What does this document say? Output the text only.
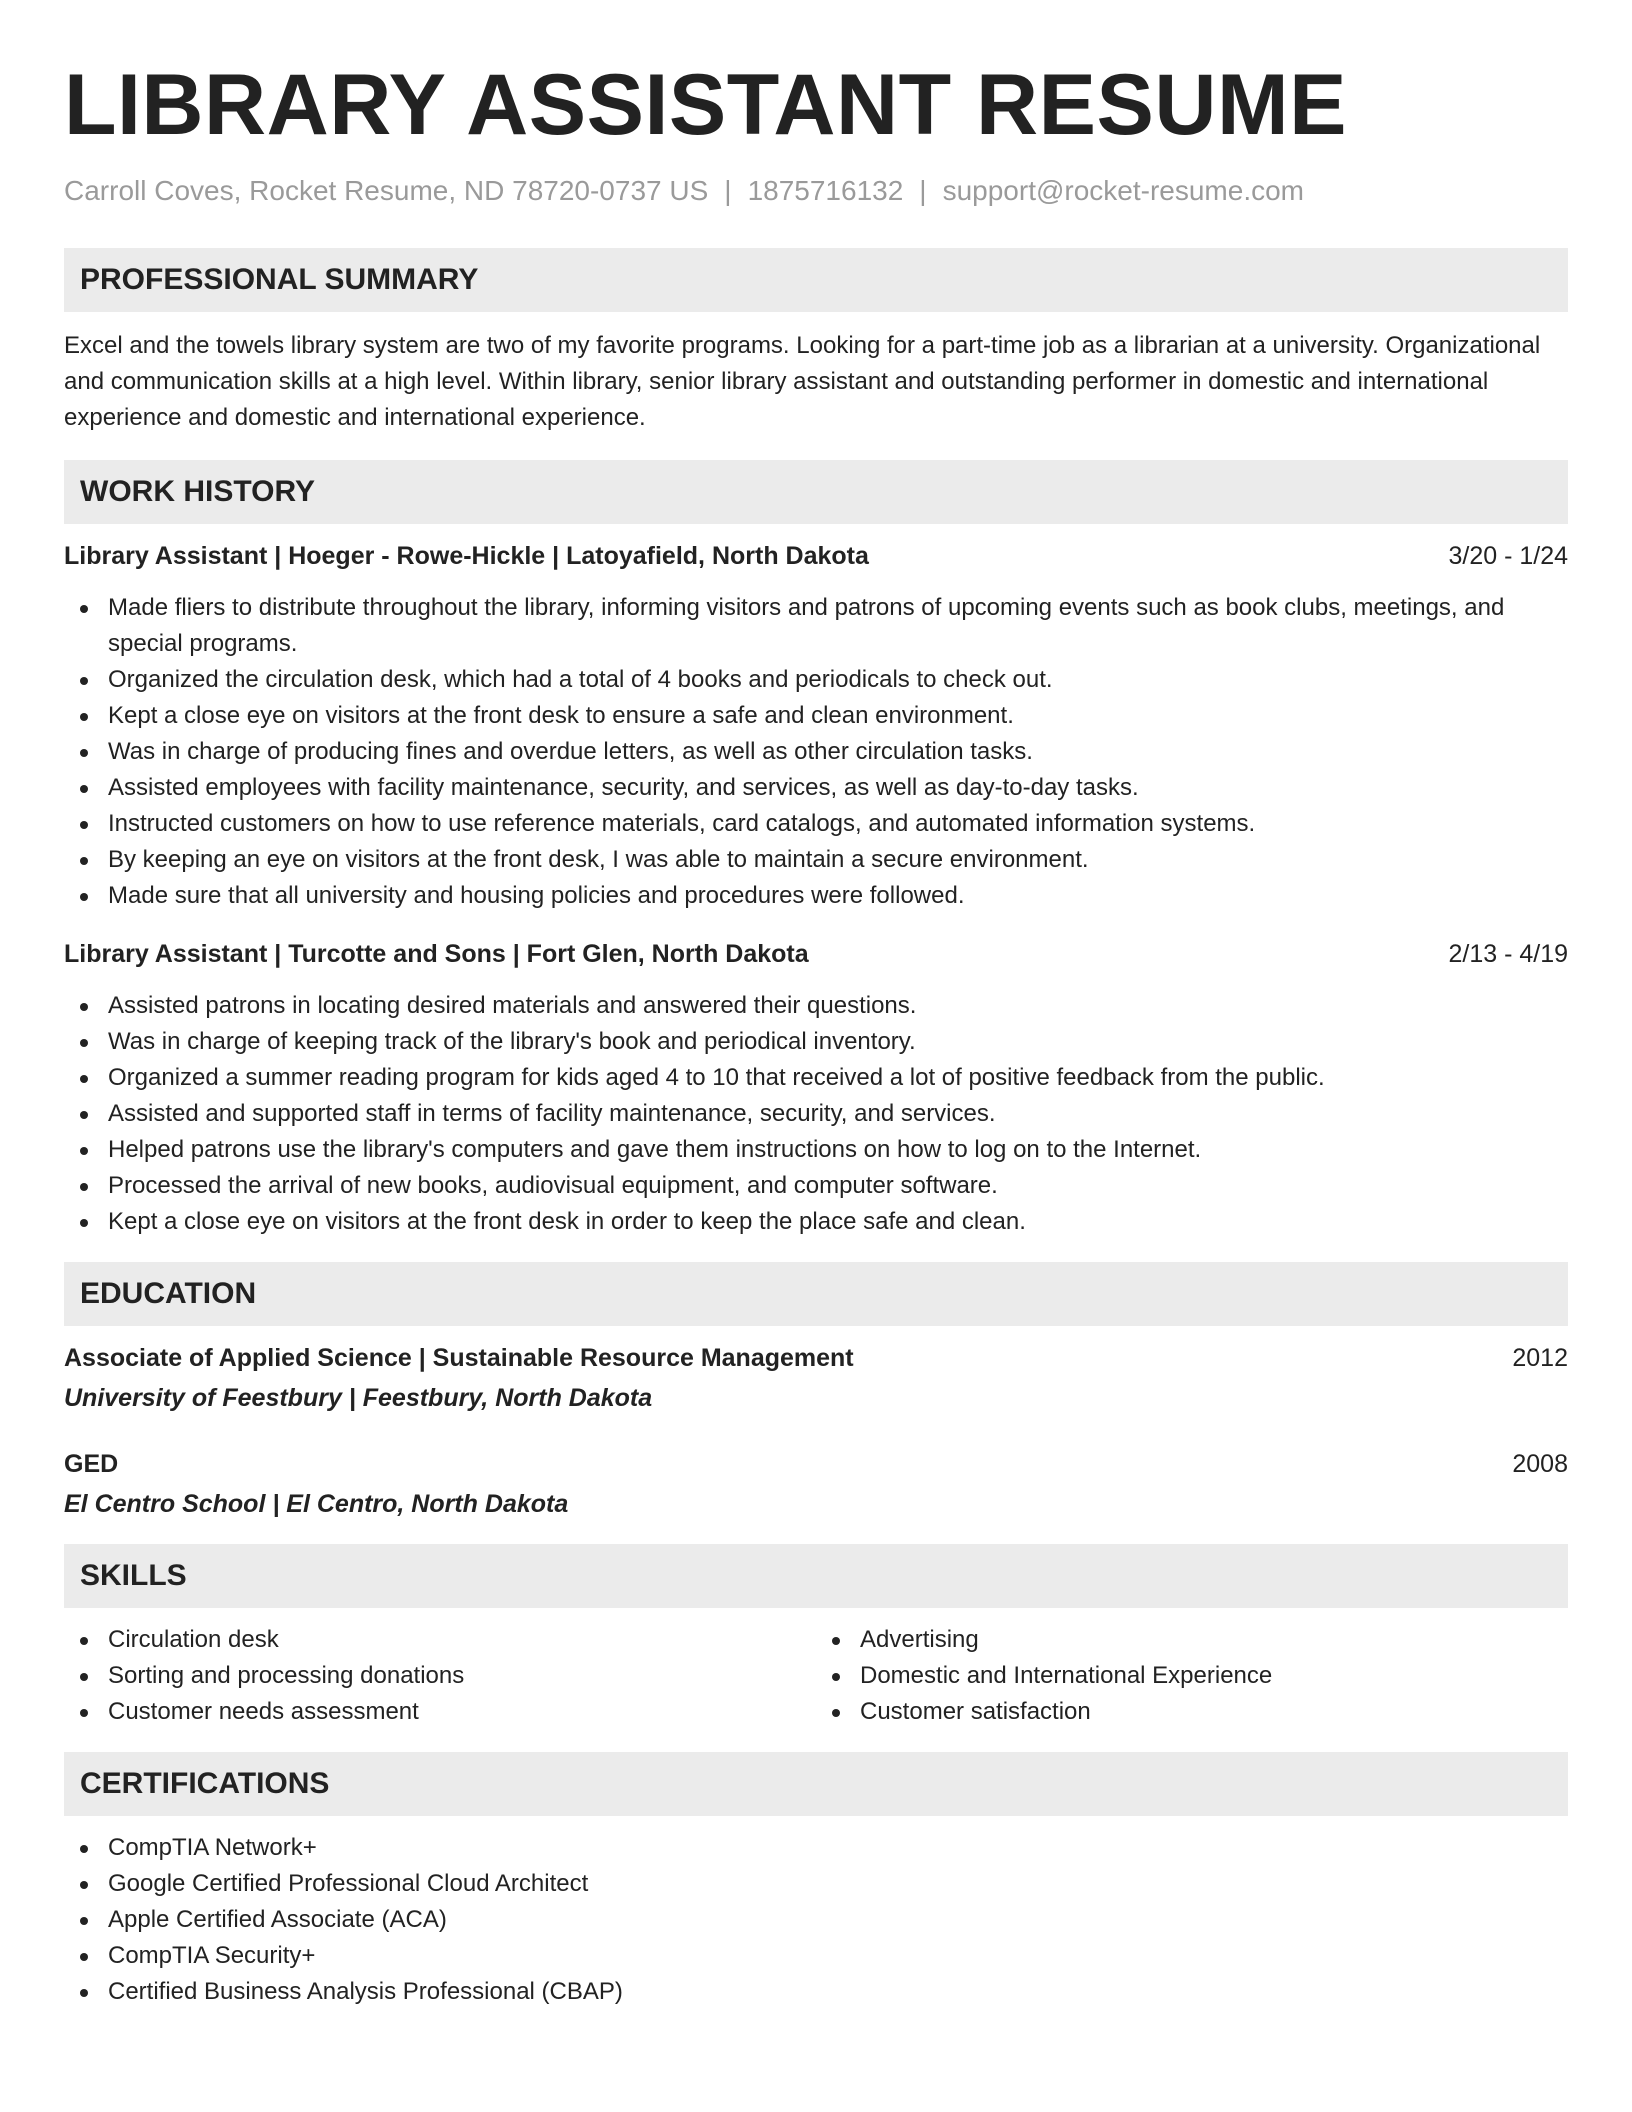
LIBRARY ASSISTANT RESUME
Carroll Coves, Rocket Resume, ND 78720-0737 US | 1875716132 | support@rocket-resume.com
PROFESSIONAL SUMMARY
Excel and the towels library system are two of my favorite programs. Looking for a part-time job as a librarian at a university. Organizational and communication skills at a high level. Within library, senior library assistant and outstanding performer in domestic and international experience and domestic and international experience.
WORK HISTORY
Library Assistant | Hoeger - Rowe-Hickle | Latoyafield, North Dakota	3/20 - 1/24
Made fliers to distribute throughout the library, informing visitors and patrons of upcoming events such as book clubs, meetings, and special programs.
Organized the circulation desk, which had a total of 4 books and periodicals to check out.
Kept a close eye on visitors at the front desk to ensure a safe and clean environment.
Was in charge of producing fines and overdue letters, as well as other circulation tasks.
Assisted employees with facility maintenance, security, and services, as well as day-to-day tasks.
Instructed customers on how to use reference materials, card catalogs, and automated information systems.
By keeping an eye on visitors at the front desk, I was able to maintain a secure environment.
Made sure that all university and housing policies and procedures were followed.
Library Assistant | Turcotte and Sons | Fort Glen, North Dakota	2/13 - 4/19
Assisted patrons in locating desired materials and answered their questions.
Was in charge of keeping track of the library's book and periodical inventory.
Organized a summer reading program for kids aged 4 to 10 that received a lot of positive feedback from the public.
Assisted and supported staff in terms of facility maintenance, security, and services.
Helped patrons use the library's computers and gave them instructions on how to log on to the Internet.
Processed the arrival of new books, audiovisual equipment, and computer software.
Kept a close eye on visitors at the front desk in order to keep the place safe and clean.
EDUCATION
Associate of Applied Science | Sustainable Resource Management	2012
University of Feestbury | Feestbury, North Dakota
GED	2008
El Centro School | El Centro, North Dakota
SKILLS
Circulation desk
Sorting and processing donations
Customer needs assessment
Advertising
Domestic and International Experience
Customer satisfaction
CERTIFICATIONS
CompTIA Network+
Google Certified Professional Cloud Architect
Apple Certified Associate (ACA)
CompTIA Security+
Certified Business Analysis Professional (CBAP)
